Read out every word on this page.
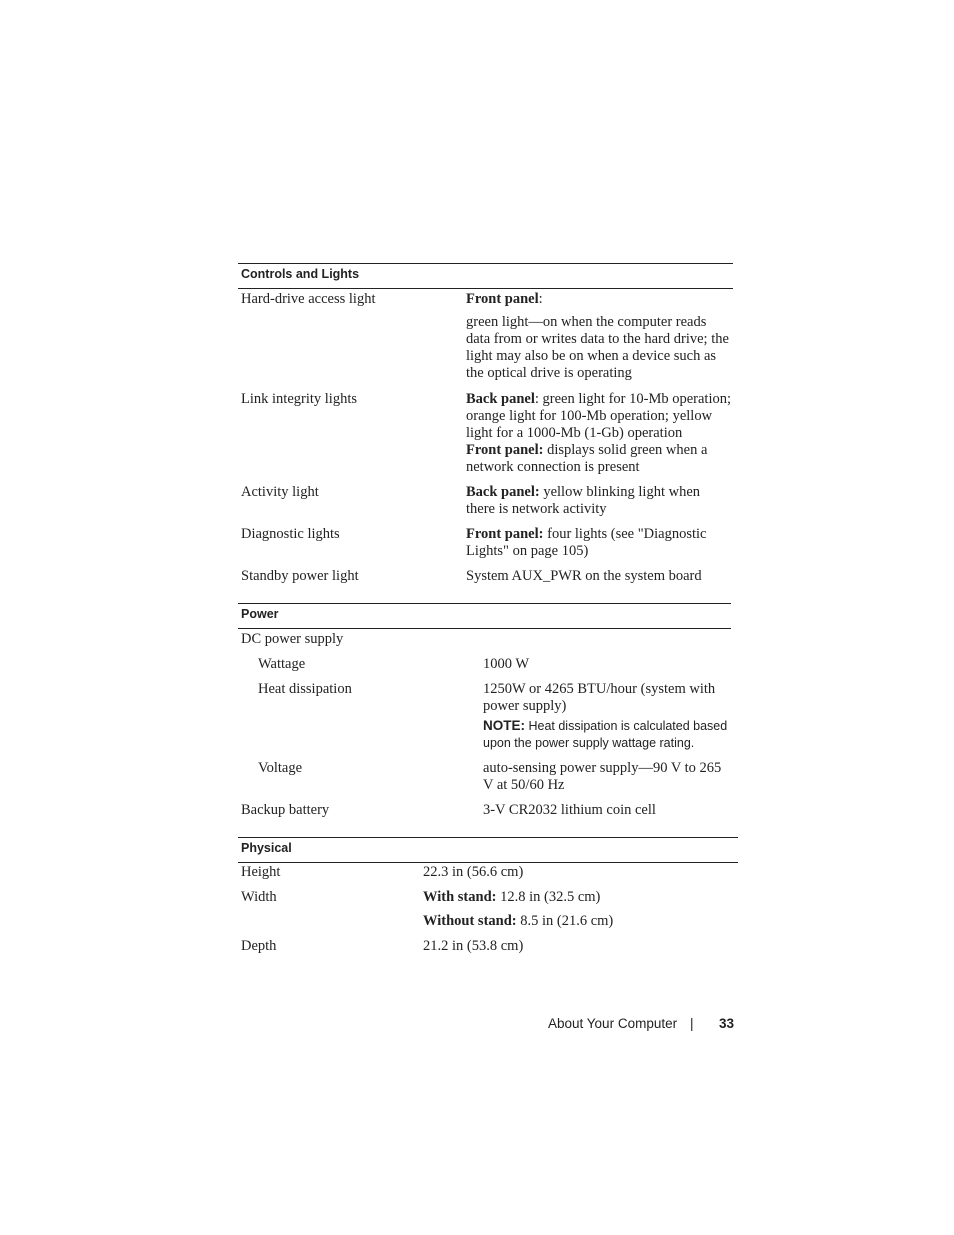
Controls and Lights
Hard-drive access light	Front panel:
green light—on when the computer reads data from or writes data to the hard drive; the light may also be on when a device such as the optical drive is operating
Link integrity lights	Back panel: green light for 10-Mb operation; orange light for 100-Mb operation; yellow light for a 1000-Mb (1-Gb) operation
Front panel: displays solid green when a network connection is present
Activity light	Back panel: yellow blinking light when there is network activity
Diagnostic lights	Front panel: four lights (see "Diagnostic Lights" on page 105)
Standby power light	System AUX_PWR on the system board
Power
DC power supply
Wattage	1000 W
Heat dissipation	1250W or 4265 BTU/hour (system with power supply)
NOTE: Heat dissipation is calculated based upon the power supply wattage rating.
Voltage	auto-sensing power supply—90 V to 265 V at 50/60 Hz
Backup battery	3-V CR2032 lithium coin cell
Physical
Height	22.3 in (56.6 cm)
Width	With stand: 12.8 in (32.5 cm)
Without stand: 8.5 in (21.6 cm)
Depth	21.2 in (53.8 cm)
About Your Computer | 33
